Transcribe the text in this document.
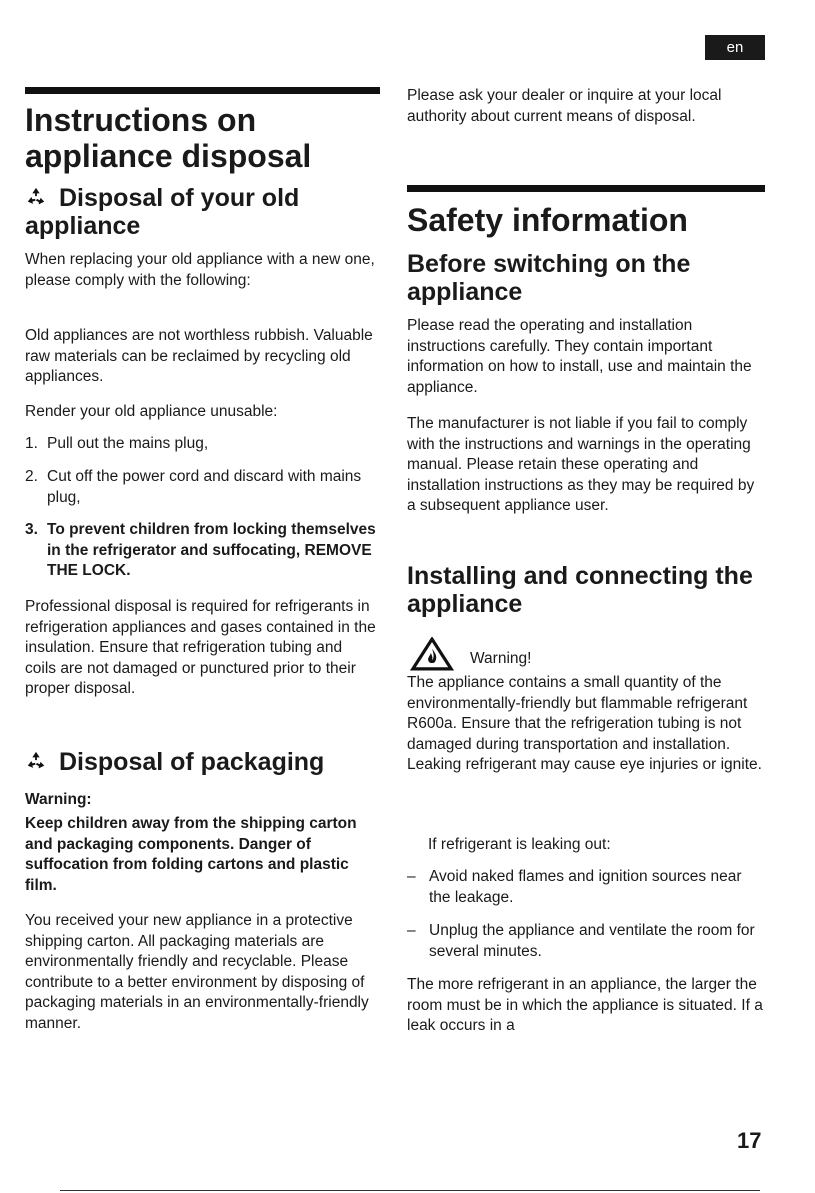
en
Instructions on appliance disposal
Disposal of your old appliance

When replacing your old appliance with a new one, please comply with the following:

Old appliances are not worthless rubbish. Valuable raw materials can be reclaimed by recycling old appliances.

Render your old appliance unusable:

1. Pull out the mains plug,
2. Cut off the power cord and discard with mains plug,
3. To prevent children from locking themselves in the refrigerator and suffocating, REMOVE THE LOCK.

Professional disposal is required for refrigerants in refrigeration appliances and gases contained in the insulation. Ensure that refrigeration tubing and coils are not damaged or punctured prior to their proper disposal.

Disposal of packaging

Warning:

Keep children away from the shipping carton and packaging components. Danger of suffocation from folding cartons and plastic film.

You received your new appliance in a protective shipping carton. All packaging materials are environmentally friendly and recyclable. Please contribute to a better environment by disposing of packaging materials in an environmentally-friendly manner.

Please ask your dealer or inquire at your local authority about current means of disposal.

Safety information
Before switching on the appliance

Please read the operating and installation instructions carefully. They contain important information on how to install, use and maintain the appliance.

The manufacturer is not liable if you fail to comply with the instructions and warnings in the operating manual. Please retain these operating and installation instructions as they may be required by a subsequent appliance user.

Installing and connecting the appliance

Warning!

The appliance contains a small quantity of the environmentally-friendly but flammable refrigerant R600a. Ensure that the refrigeration tubing is not damaged during transportation and installation. Leaking refrigerant may cause eye injuries or ignite.

If refrigerant is leaking out:

– Avoid naked flames and ignition sources near the leakage.
– Unplug the appliance and ventilate the room for several minutes.

The more refrigerant in an appliance, the larger the room must be in which the appliance is situated. If a leak occurs in a

17
